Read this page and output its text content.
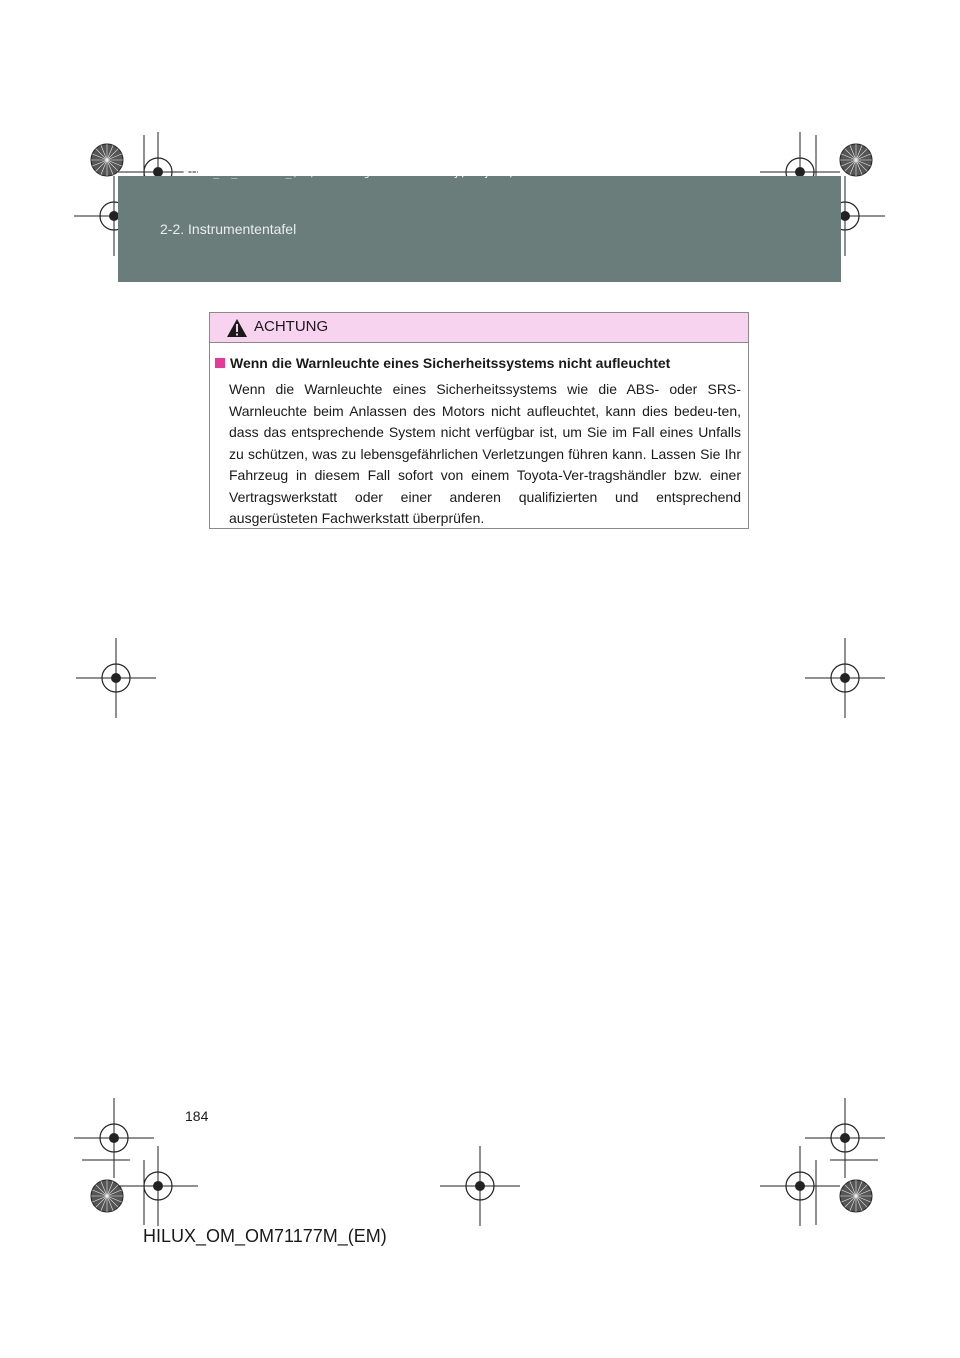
HILUX_OM_OM71177M_(EM).book Page 184 Wednesday, May 16, 2012 1:28 PM
2-2. Instrumententafel
ACHTUNG
Wenn die Warnleuchte eines Sicherheitssystems nicht aufleuchtet
Wenn die Warnleuchte eines Sicherheitssystems wie die ABS- oder SRS-Warnleuchte beim Anlassen des Motors nicht aufleuchtet, kann dies bedeu-ten, dass das entsprechende System nicht verfügbar ist, um Sie im Fall eines Unfalls zu schützen, was zu lebensgefährlichen Verletzungen führen kann. Lassen Sie Ihr Fahrzeug in diesem Fall sofort von einem Toyota-Ver-tragshändler bzw. einer Vertragswerkstatt oder einer anderen qualifizierten und entsprechend ausgerüsteten Fachwerkstatt überprüfen.
184
HILUX_OM_OM71177M_(EM)
